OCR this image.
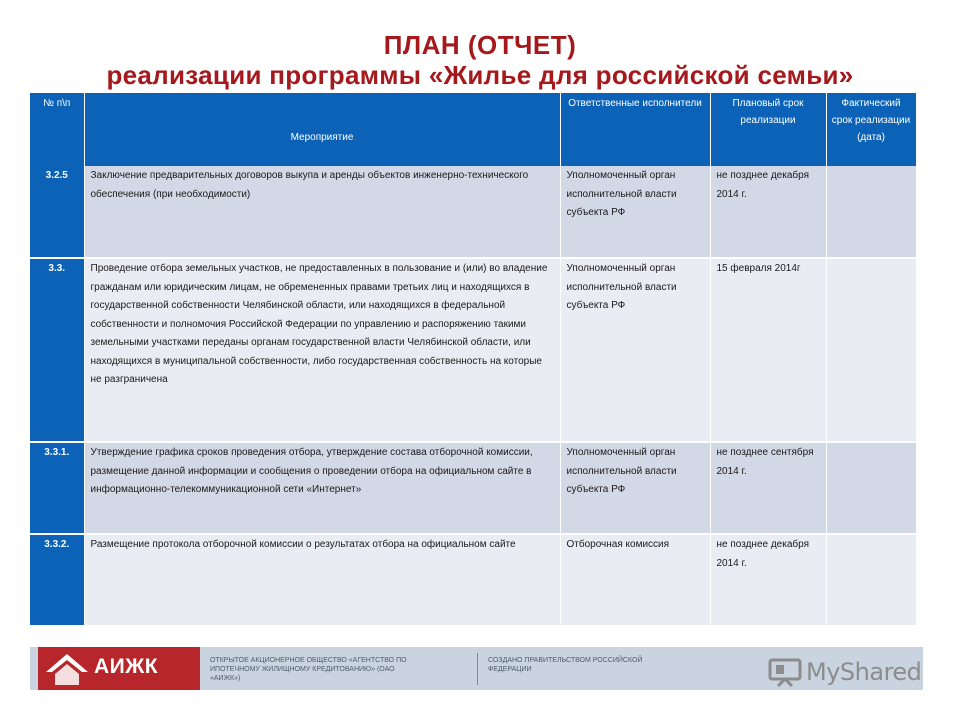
ПЛАН (ОТЧЕТ)
реализации программы «Жилье для российской семьи»
№ п\п	Мероприятие	Ответственные исполнители	Плановый срок реализации	Фактический срок реализации (дата)
3.2.5	Заключение предварительных договоров выкупа и аренды объектов инженерно-технического обеспечения (при необходимости)	Уполномоченный орган исполнительной власти субъекта РФ	не позднее декабря 2014 г.	
3.3.	Проведение отбора земельных участков, не предоставленных в пользование и (или) во владение гражданам или юридическим лицам, не обремененных правами третьих лиц и находящихся в государственной собственности Челябинской области, или находящихся в федеральной собственности и полномочия Российской Федерации по управлению и распоряжению такими земельными участками переданы органам государственной власти Челябинской области, или находящихся в муниципальной собственности, либо государственная собственность на которые не разграничена	Уполномоченный орган исполнительной власти субъекта РФ	15 февраля 2014г	
3.3.1.	Утверждение графика сроков проведения отбора, утверждение состава отборочной комиссии, размещение данной информации и сообщения о проведении отбора на официальном сайте в информационно-телекоммуникационной сети «Интернет»	Уполномоченный орган исполнительной власти субъекта РФ	не позднее сентября 2014 г.	
3.3.2.	Размещение протокола отборочной комиссии о результатах отбора на официальном сайте	Отборочная комиссия	не позднее декабря 2014 г.	
АИЖК	ОТКРЫТОЕ АКЦИОНЕРНОЕ ОБЩЕСТВО «АГЕНТСТВО ПО ИПОТЕЧНОМУ ЖИЛИЩНОМУ КРЕДИТОВАНИЮ» (ОАО «АИЖК»)
СОЗДАНО ПРАВИТЕЛЬСТВОМ РОССИЙСКОЙ ФЕДЕРАЦИИ	MyShared
